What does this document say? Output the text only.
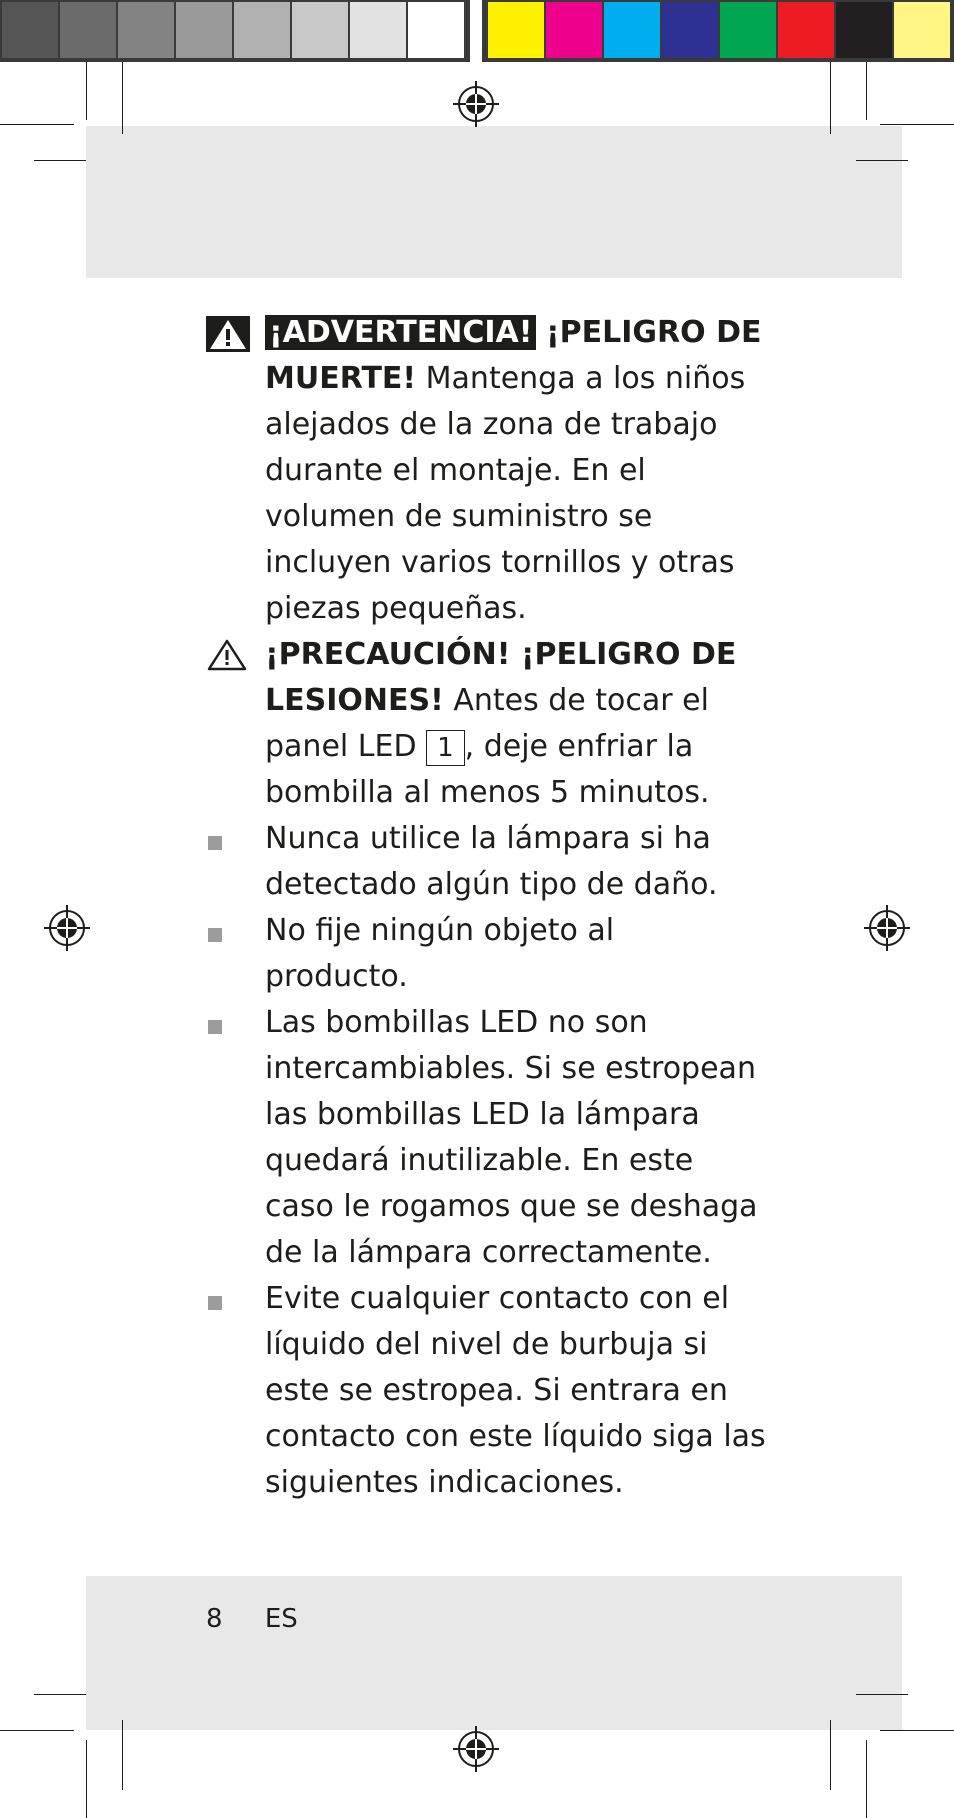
¡ADVERTENCIA! ¡PELIGRO DE MUERTE! Mantenga a los niños alejados de la zona de trabajo durante el montaje. En el volumen de suministro se incluyen varios tornillos y otras piezas pequeñas.
¡PRECAUCIÓN! ¡PELIGRO DE LESIONES! Antes de tocar el panel LED 1 , deje enfriar la bombilla al menos 5 minutos.
Nunca utilice la lámpara si ha detectado algún tipo de daño.
No fije ningún objeto al producto.
Las bombillas LED no son intercambiables. Si se estropean las bombillas LED la lámpara quedará inutilizable. En este caso le rogamos que se deshaga de la lámpara correctamente.
Evite cualquier contacto con el líquido del nivel de burbuja si este se estropea. Si entrara en contacto con este líquido siga las siguientes indicaciones.
8 ES
